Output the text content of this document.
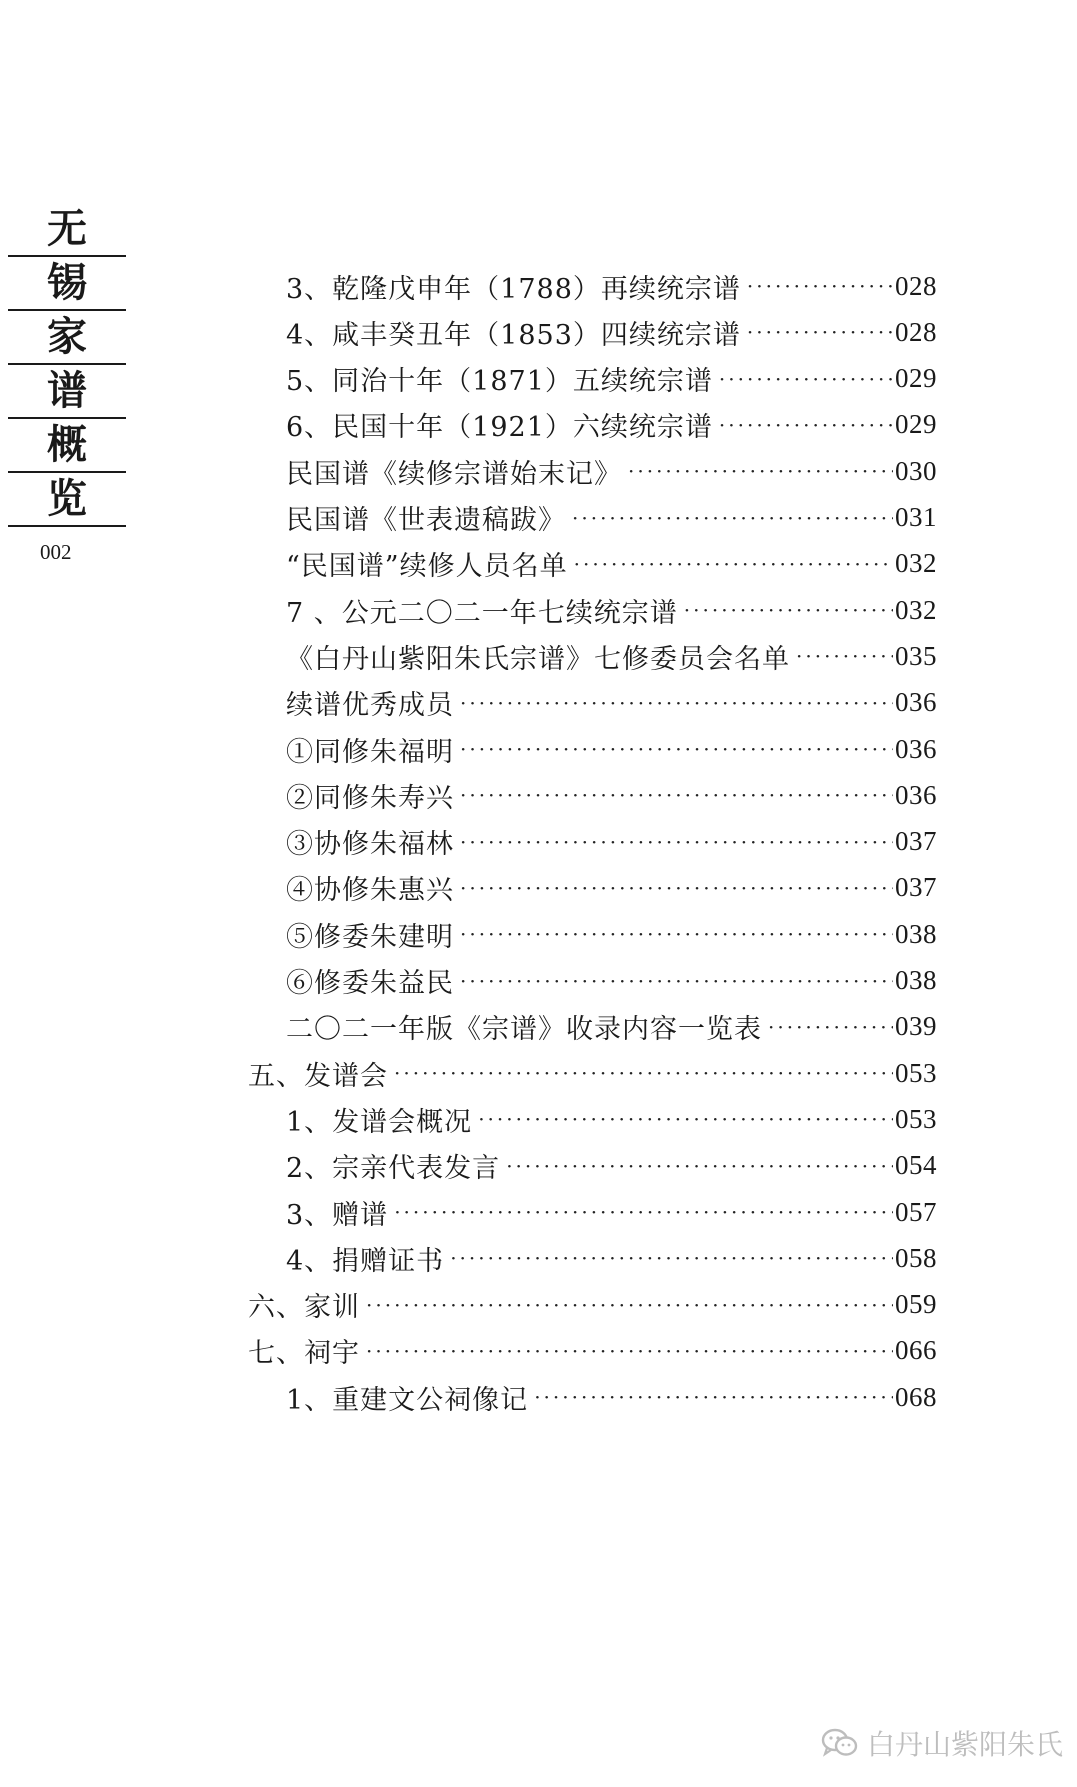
无
锡
家
谱
概
览
002
3、乾隆戊申年（1788）再续统宗谱 ·····	028
4、咸丰癸丑年（1853）四续统宗谱 ·····	028
5、同治十年（1871）五续统宗谱 ·····	029
6、民国十年（1921）六续统宗谱 ·····	029
民国谱《续修宗谱始末记》 ·····	030
民国谱《世表遗稿跋》 ·····	031
“民国谱”续修人员名单 ·····	032
7 、公元二〇二一年七续统宗谱 ·····	032
《白丹山紫阳朱氏宗谱》七修委员会名单 ·····	035
续谱优秀成员 ·····	036
①同修朱福明 ·····	036
②同修朱寿兴 ·····	036
③协修朱福林 ·····	037
④协修朱惠兴 ·····	037
⑤修委朱建明 ·····	038
⑥修委朱益民 ·····	038
二〇二一年版《宗谱》收录内容一览表 ·····	039
五、发谱会 ·····	053
1、发谱会概况 ·····	053
2、宗亲代表发言 ·····	054
3、赠谱 ·····	057
4、捐赠证书 ·····	058
六、家训 ·····	059
七、祠宇 ·····	066
1、重建文公祠像记 ·····	068
白丹山紫阳朱氏
